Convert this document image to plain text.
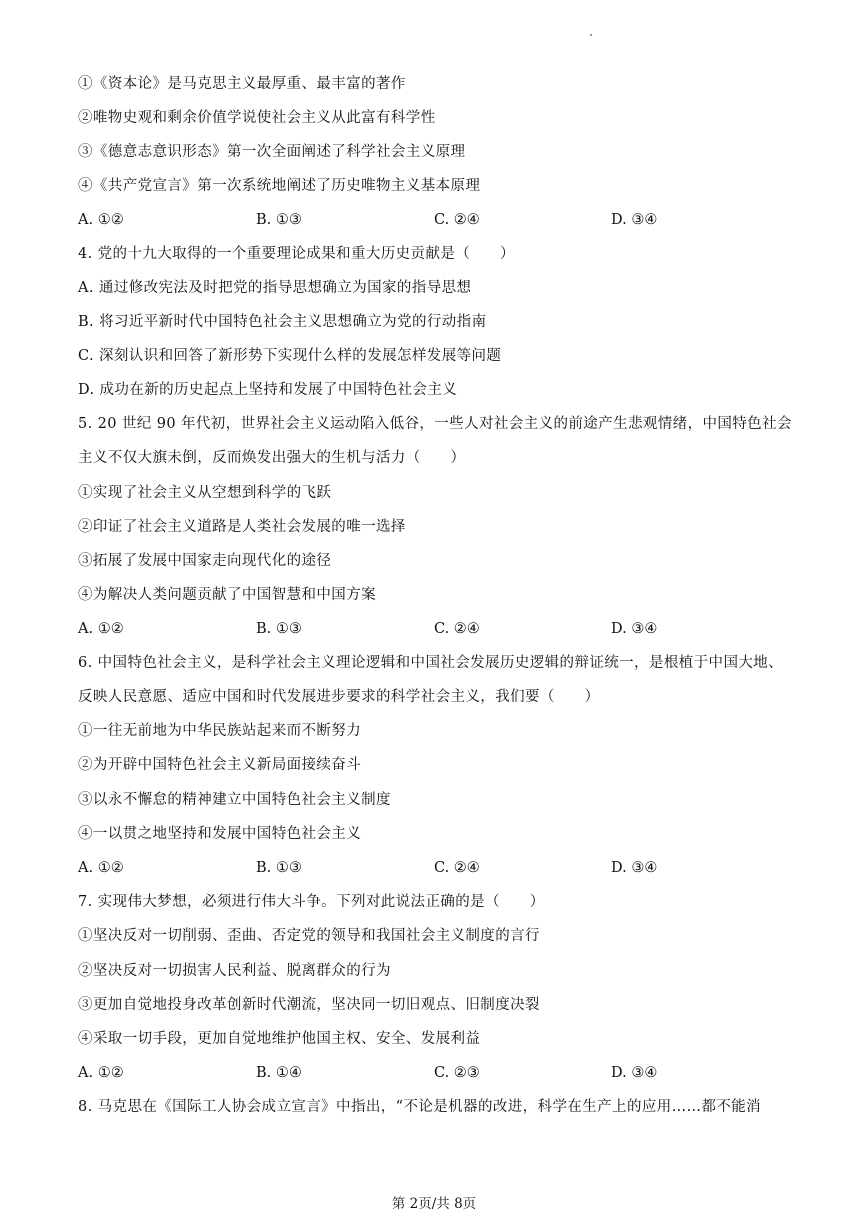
①《资本论》是马克思主义最厚重、最丰富的著作
②唯物史观和剩余价值学说使社会主义从此富有科学性
③《德意志意识形态》第一次全面阐述了科学社会主义原理
④《共产党宣言》第一次系统地阐述了历史唯物主义基本原理
A. ①②	B. ①③	C. ②④	D. ③④
4. 党的十九大取得的一个重要理论成果和重大历史贡献是（　　）
A. 通过修改宪法及时把党的指导思想确立为国家的指导思想
B. 将习近平新时代中国特色社会主义思想确立为党的行动指南
C. 深刻认识和回答了新形势下实现什么样的发展怎样发展等问题
D. 成功在新的历史起点上坚持和发展了中国特色社会主义
5. 20 世纪 90 年代初，世界社会主义运动陷入低谷，一些人对社会主义的前途产生悲观情绪，中国特色社会
主义不仅大旗未倒，反而焕发出强大的生机与活力（　　）
①实现了社会主义从空想到科学的飞跃
②印证了社会主义道路是人类社会发展的唯一选择
③拓展了发展中国家走向现代化的途径
④为解决人类问题贡献了中国智慧和中国方案
A. ①②	B. ①③	C. ②④	D. ③④
6. 中国特色社会主义，是科学社会主义理论逻辑和中国社会发展历史逻辑的辩证统一，是根植于中国大地、
反映人民意愿、适应中国和时代发展进步要求的科学社会主义，我们要（　　）
①一往无前地为中华民族站起来而不断努力
②为开辟中国特色社会主义新局面接续奋斗
③以永不懈怠的精神建立中国特色社会主义制度
④一以贯之地坚持和发展中国特色社会主义
A. ①②	B. ①③	C. ②④	D. ③④
7. 实现伟大梦想，必须进行伟大斗争。下列对此说法正确的是（　　）
①坚决反对一切削弱、歪曲、否定党的领导和我国社会主义制度的言行
②坚决反对一切损害人民利益、脱离群众的行为
③更加自觉地投身改革创新时代潮流，坚决同一切旧观点、旧制度决裂
④采取一切手段，更加自觉地维护他国主权、安全、发展利益
A. ①②	B. ①④	C. ②③	D. ③④
8. 马克思在《国际工人协会成立宣言》中指出，“不论是机器的改进，科学在生产上的应用……都不能消
第 2页/共 8页
